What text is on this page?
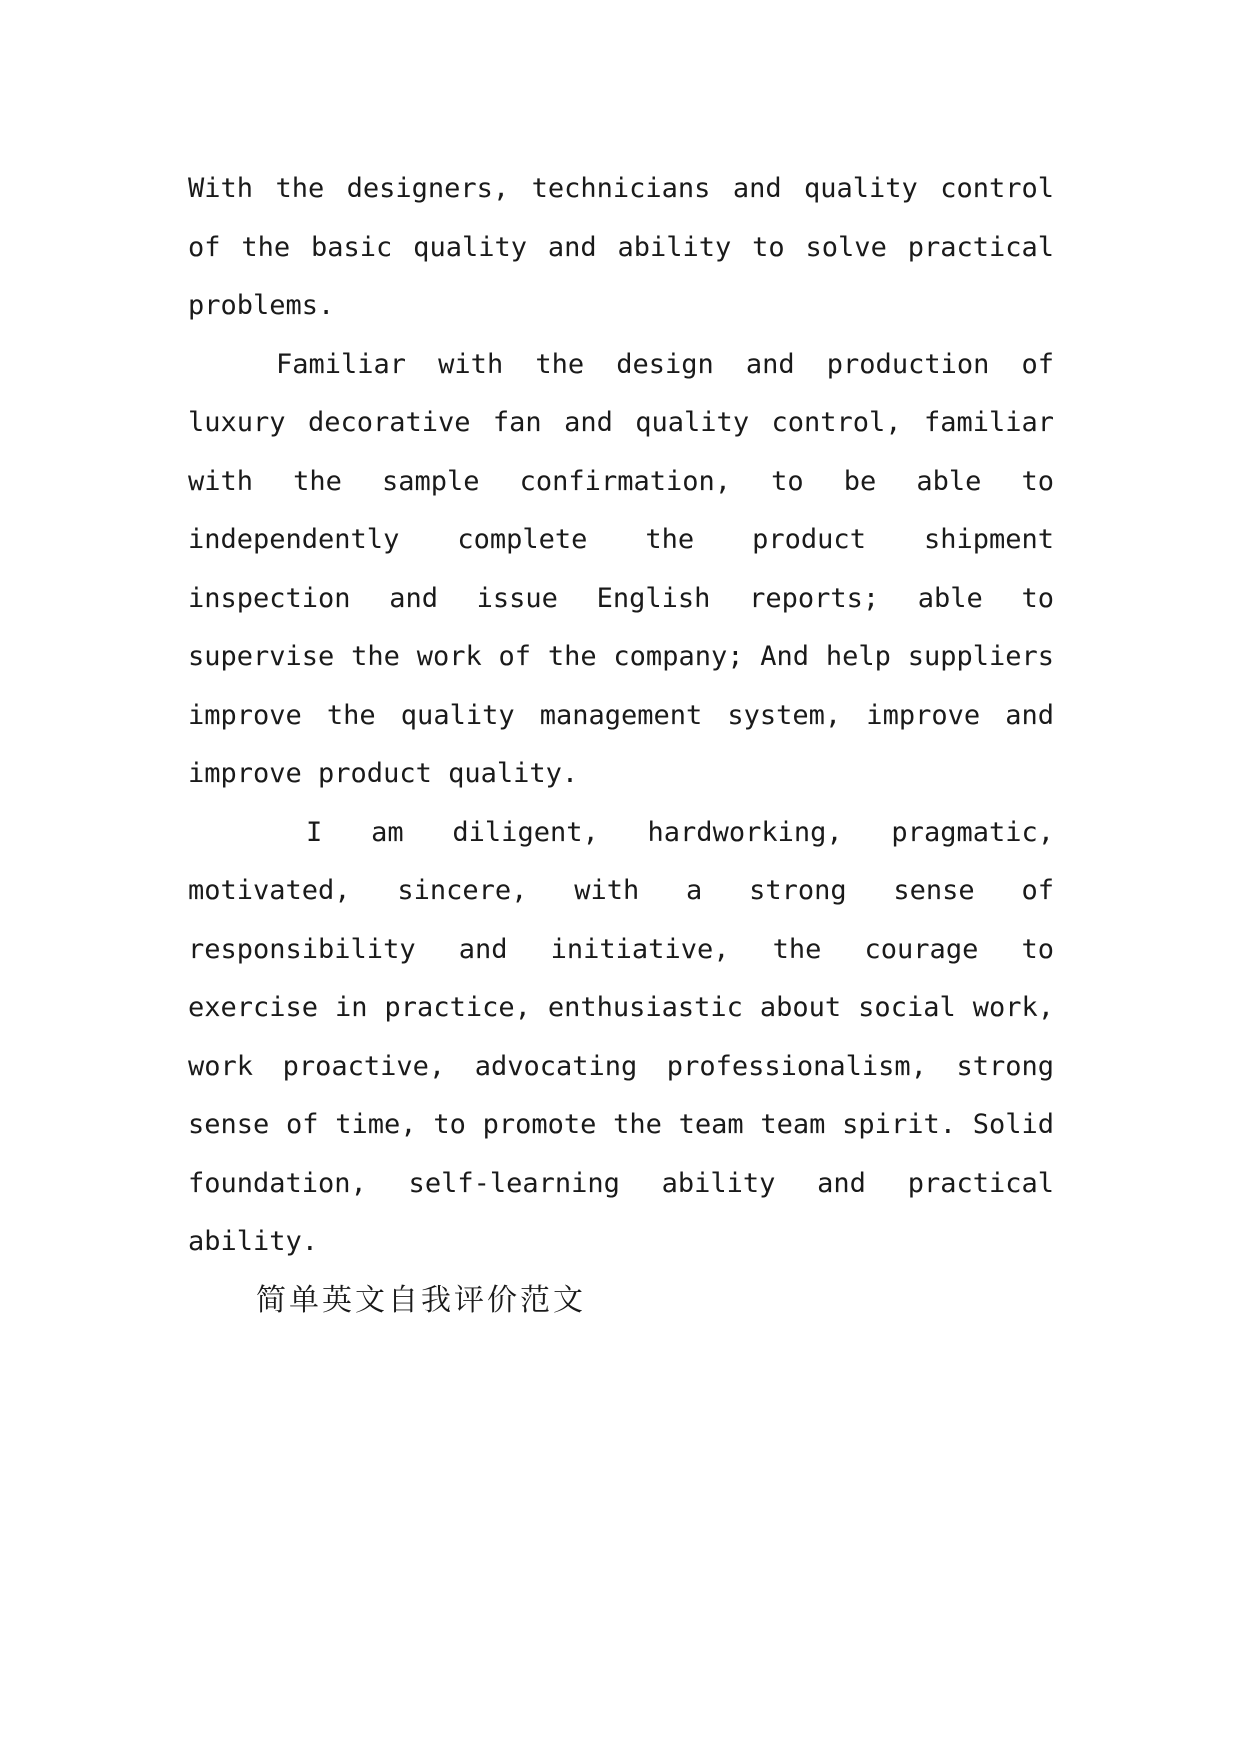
With the designers, technicians and quality control of the basic quality and ability to solve practical problems.

Familiar with the design and production of luxury decorative fan and quality control, familiar with the sample confirmation, to be able to independently complete the product shipment inspection and issue English reports; able to supervise the work of the company; And help suppliers improve the quality management system, improve and improve product quality.

I am diligent, hardworking, pragmatic, motivated, sincere, with a strong sense of responsibility and initiative, the courage to exercise in practice, enthusiastic about social work, work proactive, advocating professionalism, strong sense of time, to promote the team team spirit. Solid foundation, self-learning ability and practical ability.

简单英文自我评价范文
